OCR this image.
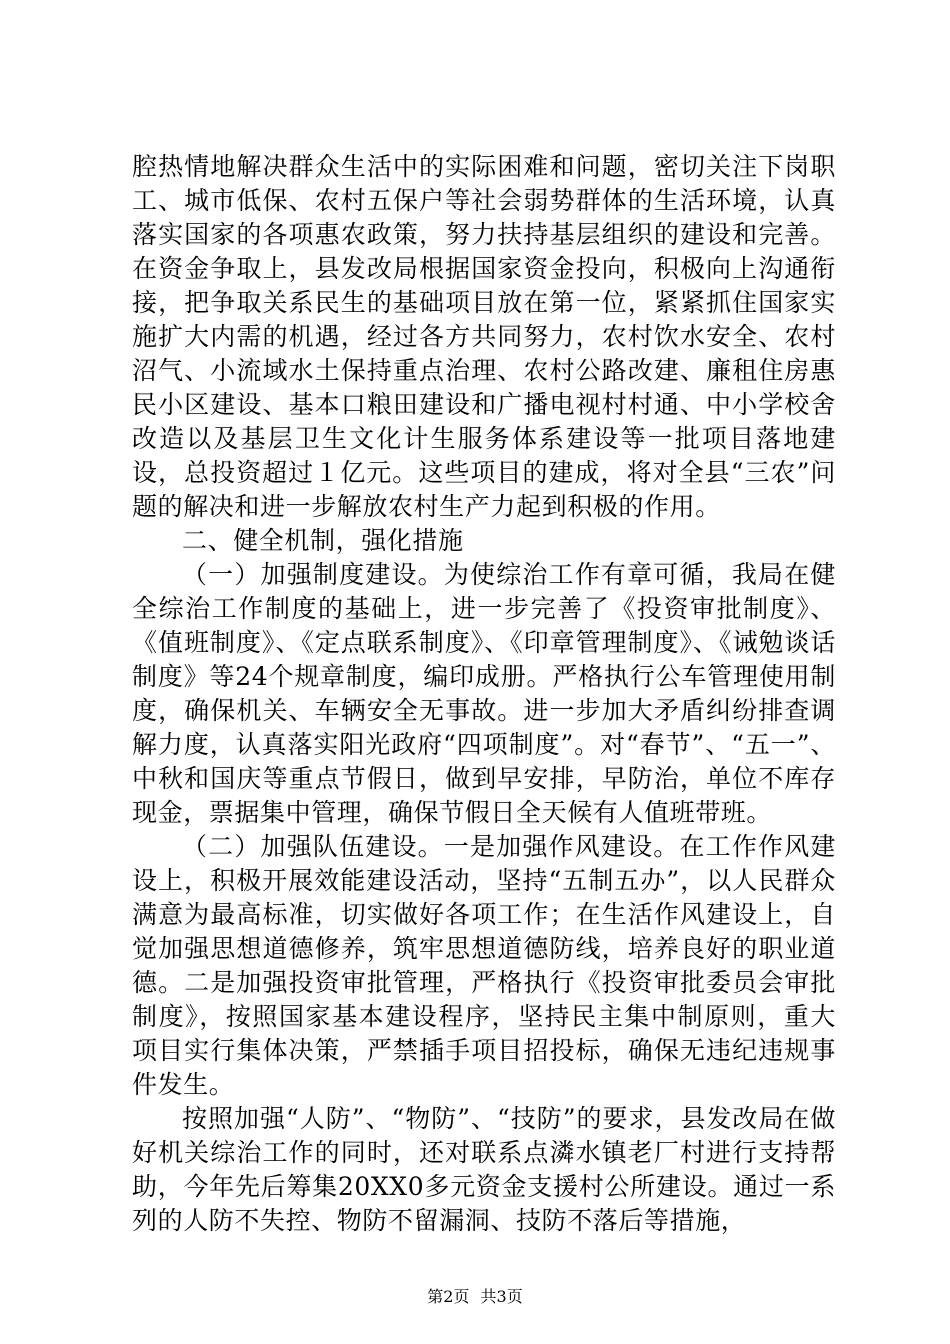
腔热情地解决群众生活中的实际困难和问题，密切关注下岗职工、城市低保、农村五保户等社会弱势群体的生活环境，认真落实国家的各项惠农政策，努力扶持基层组织的建设和完善。在资金争取上，县发改局根据国家资金投向，积极向上沟通衔接，把争取关系民生的基础项目放在第一位，紧紧抓住国家实施扩大内需的机遇，经过各方共同努力，农村饮水安全、农村沼气、小流域水土保持重点治理、农村公路改建、廉租住房惠民小区建设、基本口粮田建设和广播电视村村通、中小学校舍改造以及基层卫生文化计生服务体系建设等一批项目落地建设，总投资超过１亿元。这些项目的建成，将对全县“三农”问题的解决和进一步解放农村生产力起到积极的作用。

二、健全机制，强化措施

（一）加强制度建设。为使综治工作有章可循，我局在健全综治工作制度的基础上，进一步完善了《投资审批制度》、《值班制度》、《定点联系制度》、《印章管理制度》、《诫勉谈话制度》等24个规章制度，编印成册。严格执行公车管理使用制度，确保机关、车辆安全无事故。进一步加大矛盾纠纷排查调解力度，认真落实阳光政府“四项制度”。对“春节”、“五一”、中秋和国庆等重点节假日，做到早安排，早防治，单位不库存现金，票据集中管理，确保节假日全天候有人值班带班。

（二）加强队伍建设。一是加强作风建设。在工作作风建设上，积极开展效能建设活动，坚持“五制五办”，以人民群众满意为最高标准，切实做好各项工作；在生活作风建设上，自觉加强思想道德修养，筑牢思想道德防线，培养良好的职业道德。二是加强投资审批管理，严格执行《投资审批委员会审批制度》，按照国家基本建设程序，坚持民主集中制原则，重大项目实行集体决策，严禁插手项目招投标，确保无违纪违规事件发生。

按照加强“人防”、“物防”、“技防”的要求，县发改局在做好机关综治工作的同时，还对联系点潾水镇老厂村进行支持帮助，今年先后筹集20XX0多元资金支援村公所建设。通过一系列的人防不失控、物防不留漏洞、技防不落后等措施，

第2页 共3页
